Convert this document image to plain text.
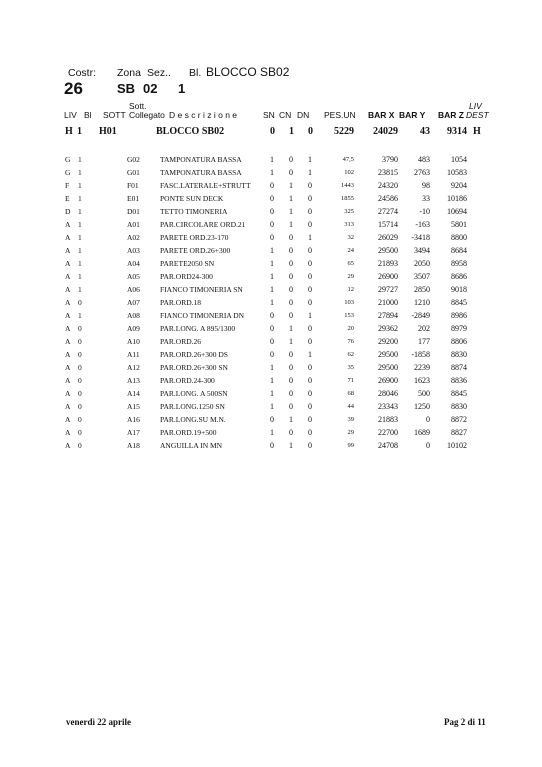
Costr: Zona Sez.. Bl. BLOCCO SB02
26	SB 02 1
Sott.	LIV
LIV Bl SOTT Collegato D e s c r i z i o n e	SN CN DN PES.UN BAR X BAR Y BAR Z DEST
H 1 H01	BLOCCO SB02	0 1 0	5229	24029	43	9314 H
G 1	G02	TAMPONATURA BASSA	1 0 1	47,5	3790	483	1054
G 1	G01	TAMPONATURA BASSA	1 0 1	102	23815	2763	10583
F 1	F01	FASC.LATERALE+STRUTT 0 1 0	1443	24320	98	9204
E 1	E01	PONTE SUN DECK	0 1 0	1855	24586	33	10186
D 1	D01	TETTO TIMONERIA	0 1 0	325	27274	-10	10694
A 1	A01	PAR.CIRCOLARE ORD.21	0 1 0	313	15714	-163	5801
A 1	A02	PARETE ORD.23-170	0 0 1	32	26029	-3418	8800
A 1	A03	PARETE ORD.26+300	1 0 0	24	29500	3494	8684
A 1	A04	PARETE2050 SN	1 0 0	65	21893	2050	8958
A 1	A05	PAR.ORD24-300	1 0 0	29	26900	3507	8686
A 1	A06	FIANCO TIMONERIA SN	1 0 0	12	29727	2850	9018
A 0	A07	PAR.ORD.18	1 0 0	103	21000	1210	8845
A 1	A08	FIANCO TIMONERIA DN	0 0 1	153	27894	-2849	8986
A 0	A09	PAR.LONG. A 895/1300	0 1 0	20	29362	202	8979
A 0	A10	PAR.ORD.26	0 1 0	76	29200	177	8806
A 0	A11	PAR.ORD.26+300 DS	0 0 1	62	29500	-1858	8830
A 0	A12	PAR.ORD.26+300 SN	1 0 0	35	29500	2239	8874
A 0	A13	PAR.ORD.24-300	1 0 0	71	26900	1623	8836
A 0	A14	PAR.LONG. A 500SN	1 0 0	68	28046	500	8845
A 0	A15	PAR.LONG.1250 SN	1 0 0	44	23343	1250	8830
A 0	A16	PAR.LONG.SU M.N.	0 1 0	39	21883	0	8872
A 0	A17	PAR.ORD.19+500	1 0 0	29	22700	1689	8827
A 0	A18	ANGUILLA IN MN	0 1 0	99	24708	0	10102
venerdì 22 aprile	Pag 2 di 11
